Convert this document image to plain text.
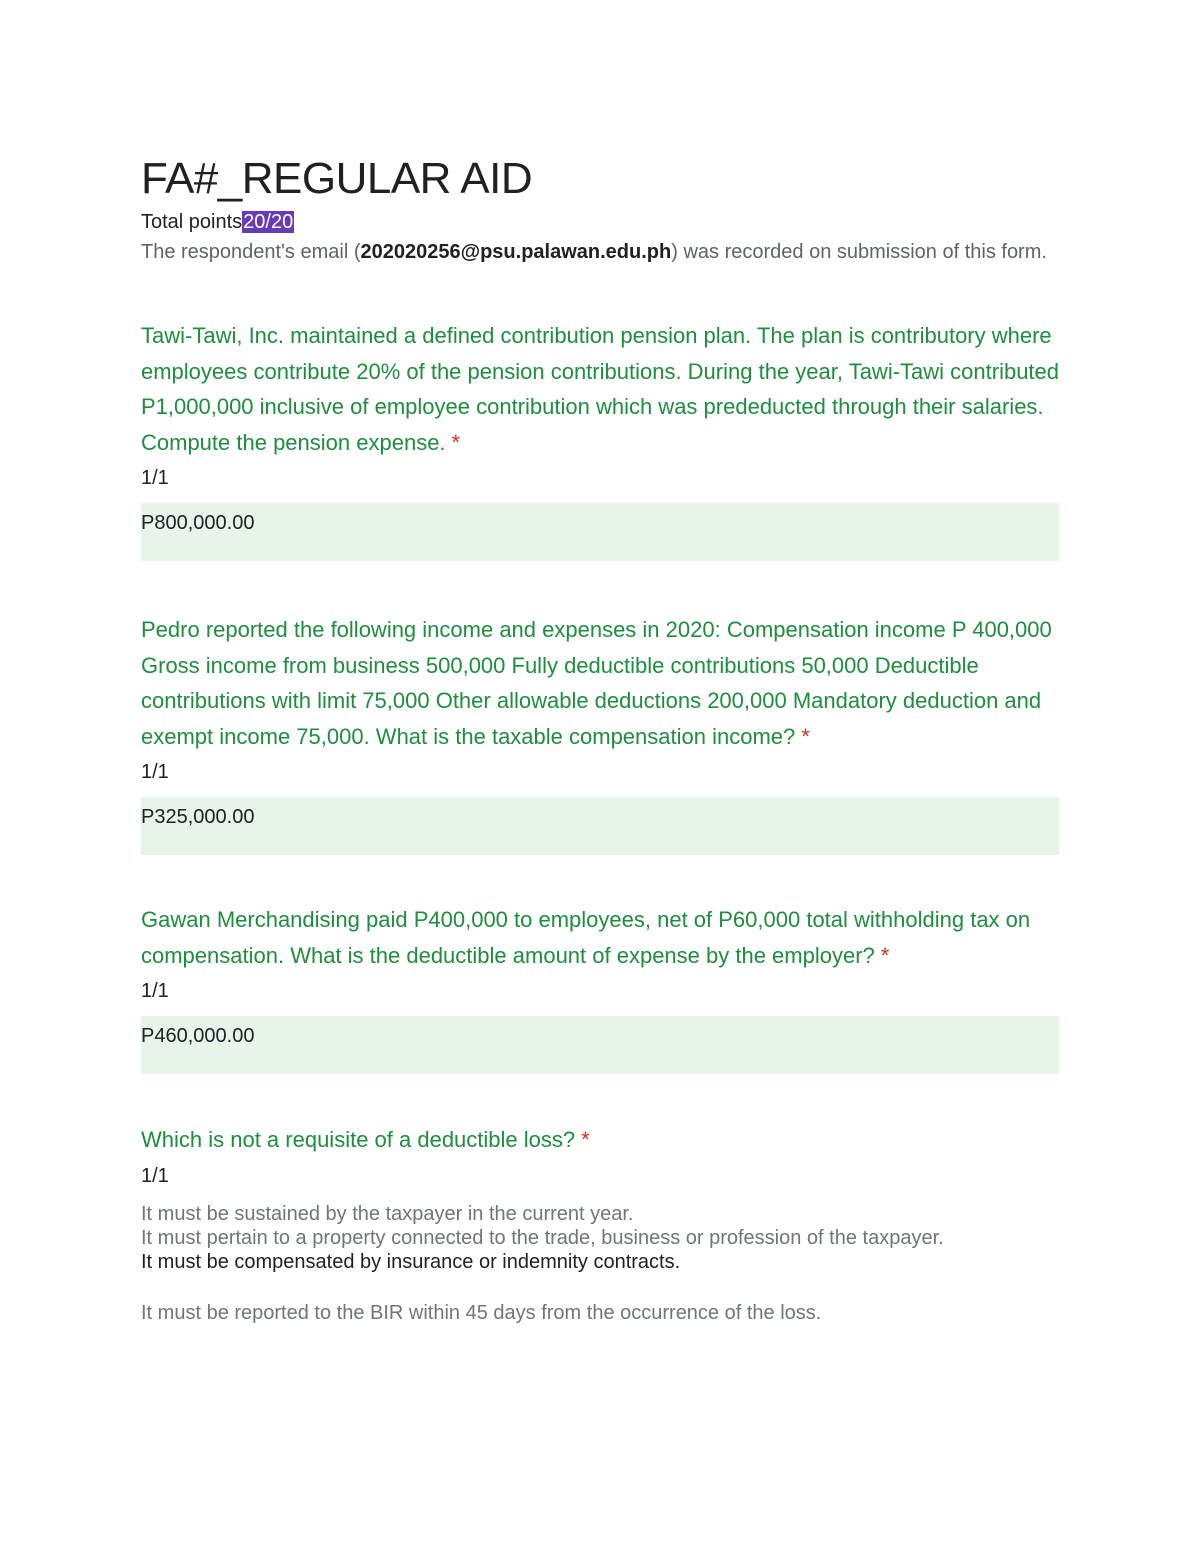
FA#_REGULAR AID
Total points20/20
The respondent's email (202020256@psu.palawan.edu.ph) was recorded on submission of this form.
Tawi-Tawi, Inc. maintained a defined contribution pension plan. The plan is contributory where employees contribute 20% of the pension contributions. During the year, Tawi-Tawi contributed P1,000,000 inclusive of employee contribution which was prededucted through their salaries. Compute the pension expense. *
1/1
P800,000.00
Pedro reported the following income and expenses in 2020: Compensation income P 400,000 Gross income from business 500,000 Fully deductible contributions 50,000 Deductible contributions with limit 75,000 Other allowable deductions 200,000 Mandatory deduction and exempt income 75,000. What is the taxable compensation income? *
1/1
P325,000.00
Gawan Merchandising paid P400,000 to employees, net of P60,000 total withholding tax on compensation. What is the deductible amount of expense by the employer? *
1/1
P460,000.00
Which is not a requisite of a deductible loss? *
1/1
It must be sustained by the taxpayer in the current year.
It must pertain to a property connected to the trade, business or profession of the taxpayer.
It must be compensated by insurance or indemnity contracts.
It must be reported to the BIR within 45 days from the occurrence of the loss.
